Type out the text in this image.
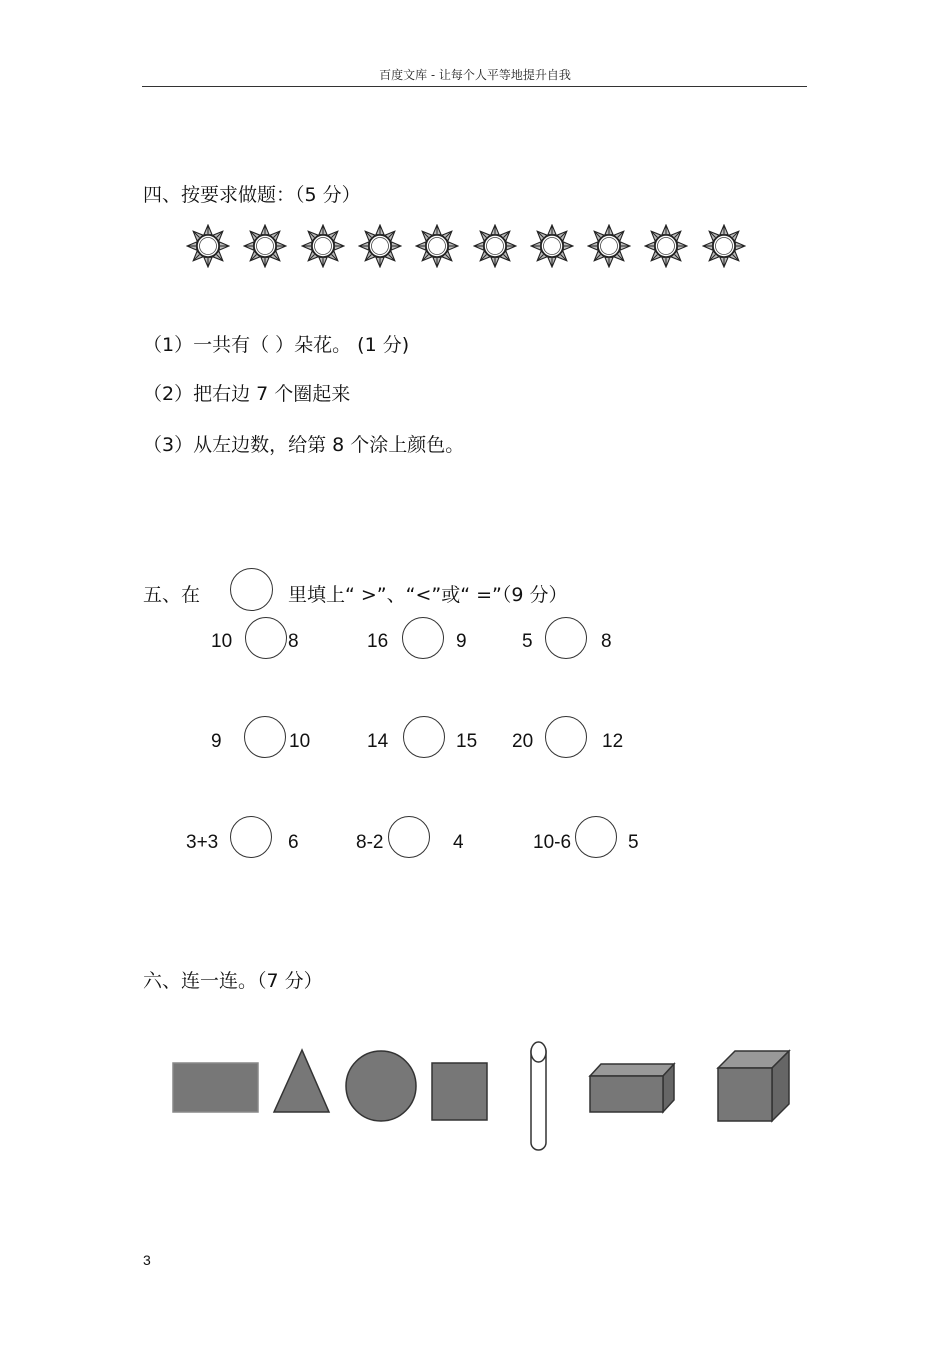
百度文库 - 让每个人平等地提升自我
四、按要求做题：（5 分）
（1）一共有（ ）朵花。 (1 分)
（2）把右边 7 个圈起来
（3）从左边数，给第 8 个涂上颜色。
五、在	里填上“ >”、“<”或“ =”（9 分）
10	8	16	9	5	8
9	10	14	15 20	12
3+3	6	8-2	4	10-6	5
六、连一连。（7 分）
3
